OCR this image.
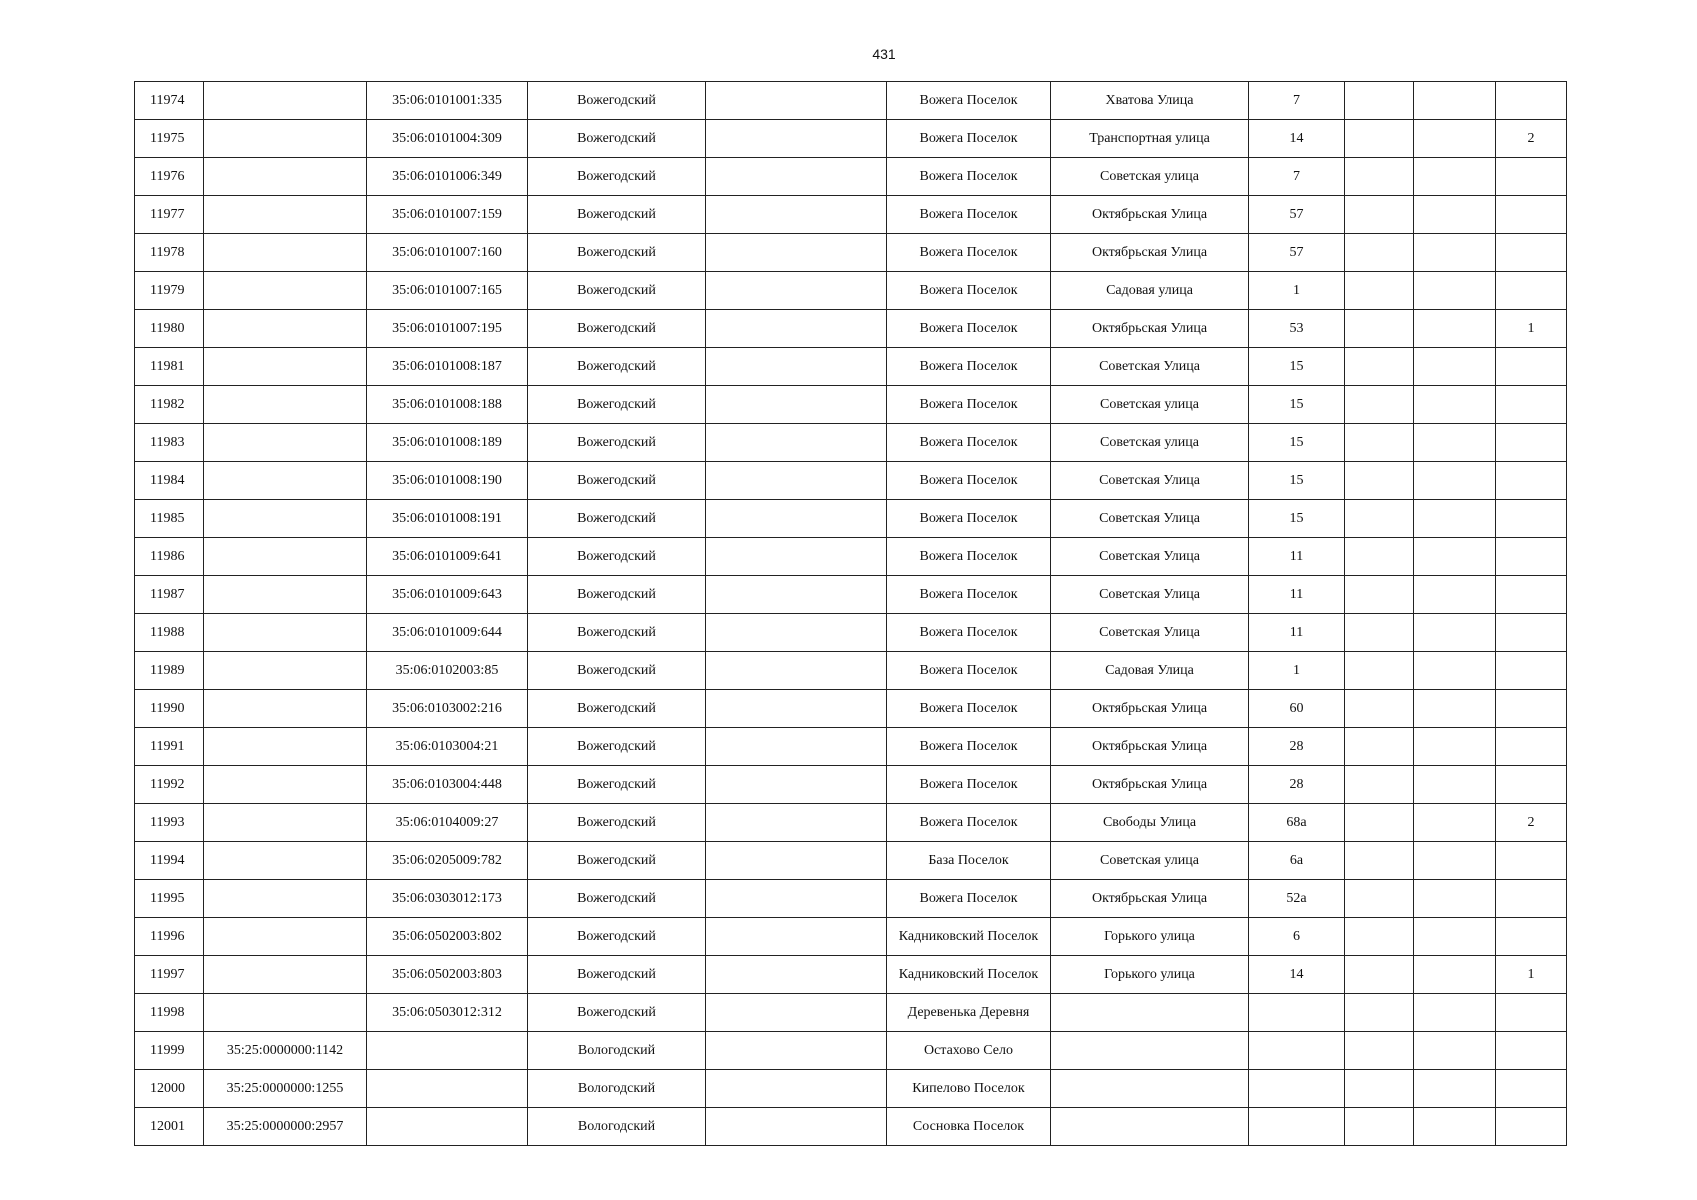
431
11974		35:06:0101001:335	Вожегодский		Вожега Поселок	Хватова Улица	7			
11975		35:06:0101004:309	Вожегодский		Вожега Поселок	Транспортная улица	14			2
11976		35:06:0101006:349	Вожегодский		Вожега Поселок	Советская улица	7			
11977		35:06:0101007:159	Вожегодский		Вожега Поселок	Октябрьская Улица	57			
11978		35:06:0101007:160	Вожегодский		Вожега Поселок	Октябрьская Улица	57			
11979		35:06:0101007:165	Вожегодский		Вожега Поселок	Садовая улица	1			
11980		35:06:0101007:195	Вожегодский		Вожега Поселок	Октябрьская Улица	53			1
11981		35:06:0101008:187	Вожегодский		Вожега Поселок	Советская Улица	15			
11982		35:06:0101008:188	Вожегодский		Вожега Поселок	Советская улица	15			
11983		35:06:0101008:189	Вожегодский		Вожега Поселок	Советская улица	15			
11984		35:06:0101008:190	Вожегодский		Вожега Поселок	Советская Улица	15			
11985		35:06:0101008:191	Вожегодский		Вожега Поселок	Советская Улица	15			
11986		35:06:0101009:641	Вожегодский		Вожега Поселок	Советская Улица	11			
11987		35:06:0101009:643	Вожегодский		Вожега Поселок	Советская Улица	11			
11988		35:06:0101009:644	Вожегодский		Вожега Поселок	Советская Улица	11			
11989		35:06:0102003:85	Вожегодский		Вожега Поселок	Садовая Улица	1			
11990		35:06:0103002:216	Вожегодский		Вожега Поселок	Октябрьская Улица	60			
11991		35:06:0103004:21	Вожегодский		Вожега Поселок	Октябрьская Улица	28			
11992		35:06:0103004:448	Вожегодский		Вожега Поселок	Октябрьская Улица	28			
11993		35:06:0104009:27	Вожегодский		Вожега Поселок	Свободы Улица	68а			2
11994		35:06:0205009:782	Вожегодский		База Поселок	Советская улица	6а			
11995		35:06:0303012:173	Вожегодский		Вожега Поселок	Октябрьская Улица	52а			
11996		35:06:0502003:802	Вожегодский		Кадниковский Поселок	Горького улица	6			
11997		35:06:0502003:803	Вожегодский		Кадниковский Поселок	Горького улица	14			1
11998		35:06:0503012:312	Вожегодский		Деревенька Деревня					
11999	35:25:0000000:1142		Вологодский		Остахово Село					
12000	35:25:0000000:1255		Вологодский		Кипелово Поселок					
12001	35:25:0000000:2957		Вологодский		Сосновка Поселок					
